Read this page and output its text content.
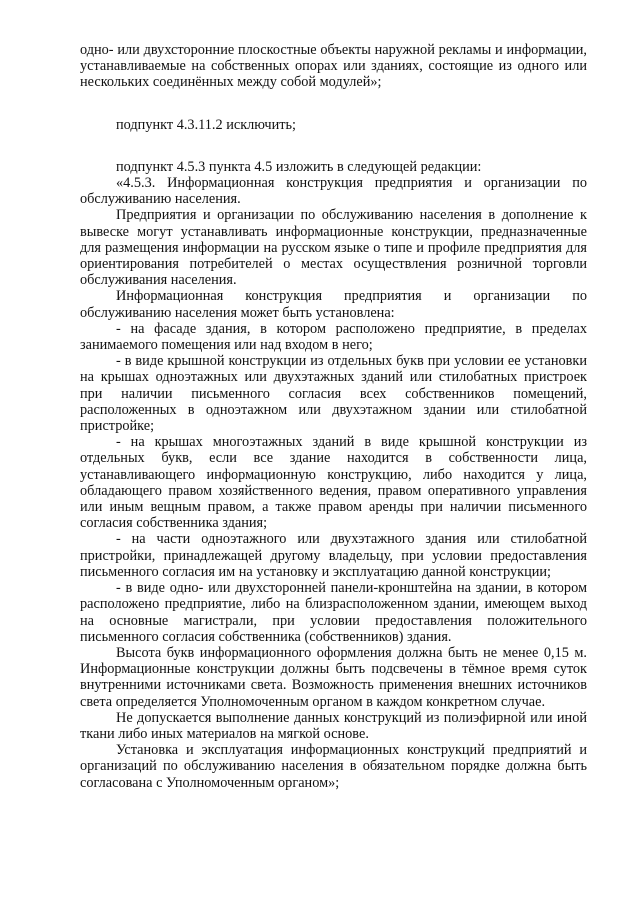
одно- или двухсторонние плоскостные объекты наружной рекламы и информации, устанавливаемые на собственных опорах или зданиях, состоящие из одного или нескольких соединённых между собой модулей»;

подпункт 4.3.11.2 исключить;

подпункт 4.5.3 пункта 4.5 изложить в следующей редакции:

«4.5.3. Информационная конструкция предприятия и организации по обслуживанию населения.

Предприятия и организации по обслуживанию населения в дополнение к вывеске могут устанавливать информационные конструкции, предназначенные для размещения информации на русском языке о типе и профиле предприятия для ориентирования потребителей о местах осуществления розничной торговли обслуживания населения.

Информационная конструкция предприятия и организации по обслуживанию населения может быть установлена:

- на фасаде здания, в котором расположено предприятие, в пределах занимаемого помещения или над входом в него;

- в виде крышной конструкции из отдельных букв при условии ее установки на крышах одноэтажных или двухэтажных зданий или стилобатных пристроек при наличии письменного согласия всех собственников помещений, расположенных в одноэтажном или двухэтажном здании или стилобатной пристройке;

- на крышах многоэтажных зданий в виде крышной конструкции из отдельных букв, если все здание находится в собственности лица, устанавливающего информационную конструкцию, либо находится у лица, обладающего правом хозяйственного ведения, правом оперативного управления или иным вещным правом, а также правом аренды при наличии письменного согласия собственника здания;

- на части одноэтажного или двухэтажного здания или стилобатной пристройки, принадлежащей другому владельцу, при условии предоставления письменного согласия им на установку и эксплуатацию данной конструкции;

- в виде одно- или двухсторонней панели-кронштейна на здании, в котором расположено предприятие, либо на близрасположенном здании, имеющем выход на основные магистрали, при условии предоставления положительного письменного согласия собственника (собственников) здания.

Высота букв информационного оформления должна быть не менее 0,15 м. Информационные конструкции должны быть подсвечены в тёмное время суток внутренними источниками света. Возможность применения внешних источников света определяется Уполномоченным органом в каждом конкретном случае.

Не допускается выполнение данных конструкций из полиэфирной или иной ткани либо иных материалов на мягкой основе.

Установка и эксплуатация информационных конструкций предприятий и организаций по обслуживанию населения в обязательном порядке должна быть согласована с Уполномоченным органом»;
